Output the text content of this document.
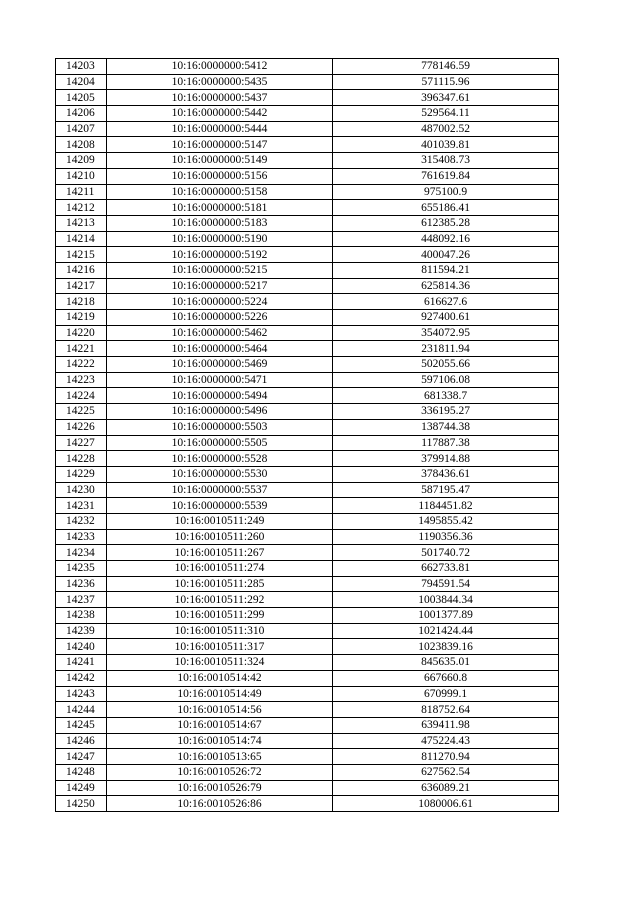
14203	10:16:0000000:5412	778146.59
14204	10:16:0000000:5435	571115.96
14205	10:16:0000000:5437	396347.61
14206	10:16:0000000:5442	529564.11
14207	10:16:0000000:5444	487002.52
14208	10:16:0000000:5147	401039.81
14209	10:16:0000000:5149	315408.73
14210	10:16:0000000:5156	761619.84
14211	10:16:0000000:5158	975100.9
14212	10:16:0000000:5181	655186.41
14213	10:16:0000000:5183	612385.28
14214	10:16:0000000:5190	448092.16
14215	10:16:0000000:5192	400047.26
14216	10:16:0000000:5215	811594.21
14217	10:16:0000000:5217	625814.36
14218	10:16:0000000:5224	616627.6
14219	10:16:0000000:5226	927400.61
14220	10:16:0000000:5462	354072.95
14221	10:16:0000000:5464	231811.94
14222	10:16:0000000:5469	502055.66
14223	10:16:0000000:5471	597106.08
14224	10:16:0000000:5494	681338.7
14225	10:16:0000000:5496	336195.27
14226	10:16:0000000:5503	138744.38
14227	10:16:0000000:5505	117887.38
14228	10:16:0000000:5528	379914.88
14229	10:16:0000000:5530	378436.61
14230	10:16:0000000:5537	587195.47
14231	10:16:0000000:5539	1184451.82
14232	10:16:0010511:249	1495855.42
14233	10:16:0010511:260	1190356.36
14234	10:16:0010511:267	501740.72
14235	10:16:0010511:274	662733.81
14236	10:16:0010511:285	794591.54
14237	10:16:0010511:292	1003844.34
14238	10:16:0010511:299	1001377.89
14239	10:16:0010511:310	1021424.44
14240	10:16:0010511:317	1023839.16
14241	10:16:0010511:324	845635.01
14242	10:16:0010514:42	667660.8
14243	10:16:0010514:49	670999.1
14244	10:16:0010514:56	818752.64
14245	10:16:0010514:67	639411.98
14246	10:16:0010514:74	475224.43
14247	10:16:0010513:65	811270.94
14248	10:16:0010526:72	627562.54
14249	10:16:0010526:79	636089.21
14250	10:16:0010526:86	1080006.61
